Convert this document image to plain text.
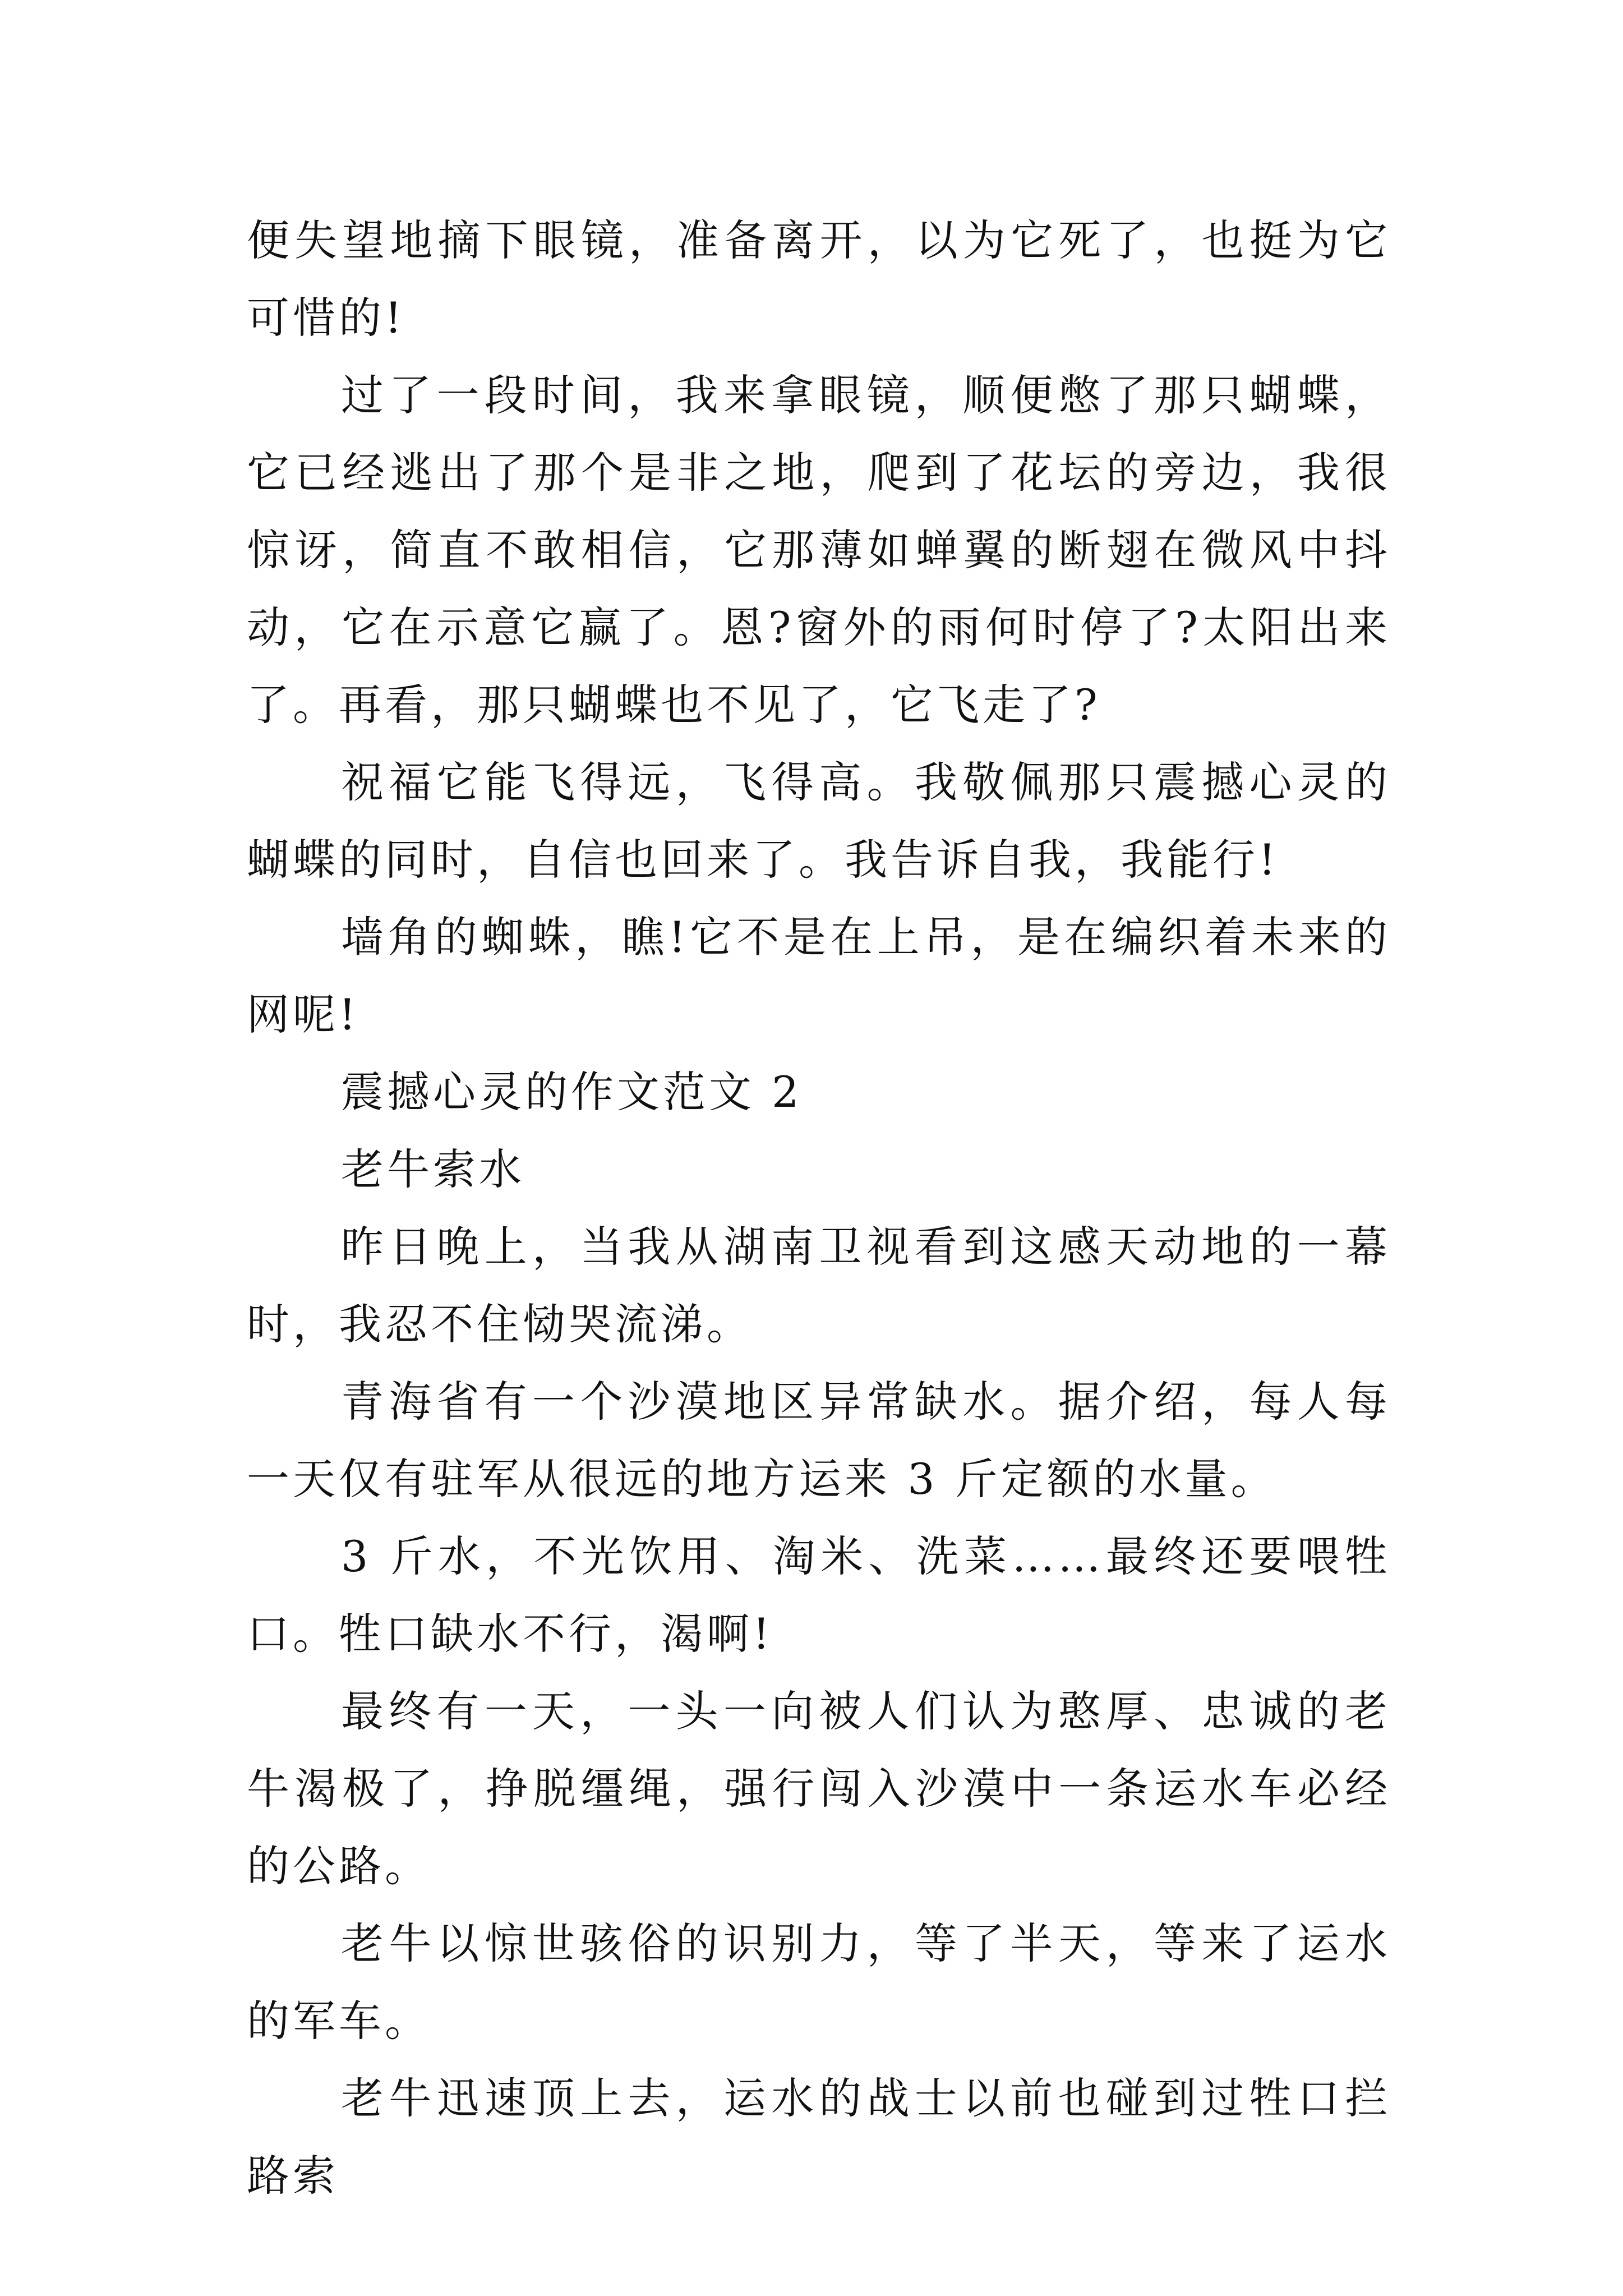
便失望地摘下眼镜，准备离开，以为它死了，也挺为它可惜的!

过了一段时间，我来拿眼镜，顺便憋了那只蝴蝶，它已经逃出了那个是非之地，爬到了花坛的旁边，我很惊讶，简直不敢相信，它那薄如蝉翼的断翅在微风中抖动，它在示意它赢了。恩?窗外的雨何时停了?太阳出来了。再看，那只蝴蝶也不见了，它飞走了?

祝福它能飞得远，飞得高。我敬佩那只震撼心灵的蝴蝶的同时，自信也回来了。我告诉自我，我能行!

墙角的蜘蛛，瞧!它不是在上吊，是在编织着未来的网呢!

震撼心灵的作文范文 2

老牛索水

昨日晚上，当我从湖南卫视看到这感天动地的一幕时，我忍不住恸哭流涕。

青海省有一个沙漠地区异常缺水。据介绍，每人每一天仅有驻军从很远的地方运来 3 斤定额的水量。

3 斤水，不光饮用、淘米、洗菜……最终还要喂牲口。牲口缺水不行，渴啊!

最终有一天，一头一向被人们认为憨厚、忠诚的老牛渴极了，挣脱缰绳，强行闯入沙漠中一条运水车必经的公路。

老牛以惊世骇俗的识别力，等了半天，等来了运水的军车。

老牛迅速顶上去，运水的战士以前也碰到过牲口拦路索
